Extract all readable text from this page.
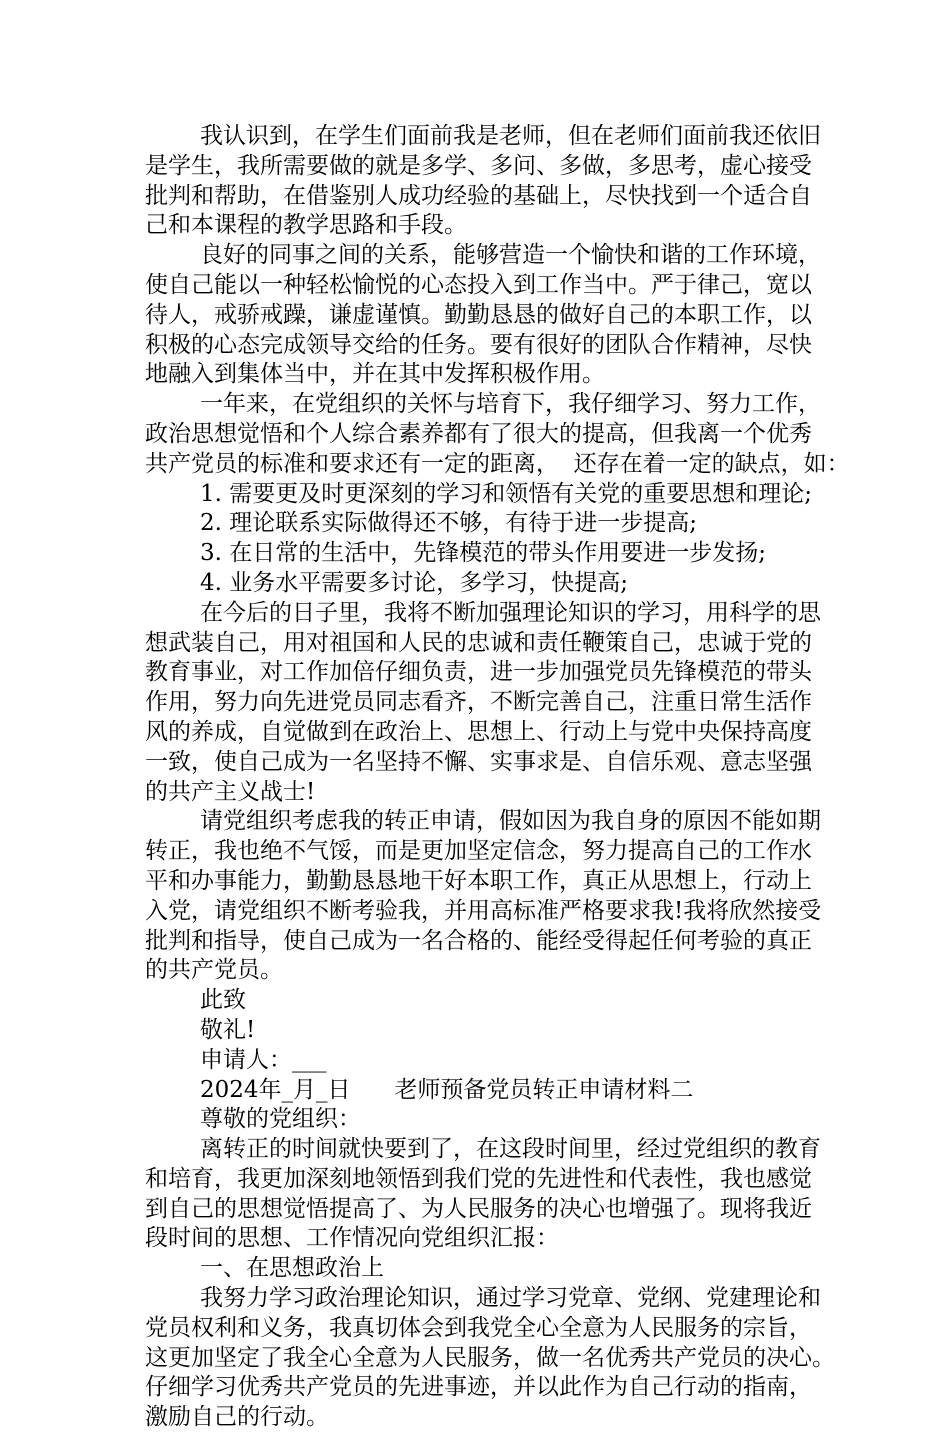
我认识到，在学生们面前我是老师，但在老师们面前我还依旧

是学生，我所需要做的就是多学、多问、多做，多思考，虚心接受

批判和帮助，在借鉴别人成功经验的基础上，尽快找到一个适合自

己和本课程的教学思路和手段。

良好的同事之间的关系，能够营造一个愉快和谐的工作环境，

使自己能以一种轻松愉悦的心态投入到工作当中。严于律己，宽以

待人，戒骄戒躁，谦虚谨慎。勤勤恳恳的做好自己的本职工作，以

积极的心态完成领导交给的任务。要有很好的团队合作精神，尽快

地融入到集体当中，并在其中发挥积极作用。

一年来，在党组织的关怀与培育下，我仔细学习、努力工作，

政治思想觉悟和个人综合素养都有了很大的提高，但我离一个优秀

共产党员的标准和要求还有一定的距离，  还存在着一定的缺点，如：

1. 需要更及时更深刻的学习和领悟有关党的重要思想和理论;

2. 理论联系实际做得还不够，有待于进一步提高;

3. 在日常的生活中，先锋模范的带头作用要进一步发扬;

4. 业务水平需要多讨论，多学习，快提高;

在今后的日子里，我将不断加强理论知识的学习，用科学的思

想武装自己，用对祖国和人民的忠诚和责任鞭策自己，忠诚于党的

教育事业，对工作加倍仔细负责，进一步加强党员先锋模范的带头

作用，努力向先进党员同志看齐，不断完善自己，注重日常生活作

风的养成，自觉做到在政治上、思想上、行动上与党中央保持高度

一致，使自己成为一名坚持不懈、实事求是、自信乐观、意志坚强

的共产主义战士!

请党组织考虑我的转正申请，假如因为我自身的原因不能如期

转正，我也绝不气馁，而是更加坚定信念，努力提高自己的工作水

平和办事能力，勤勤恳恳地干好本职工作，真正从思想上，行动上

入党，请党组织不断考验我，并用高标准严格要求我!我将欣然接受

批判和指导，使自己成为一名合格的、能经受得起任何考验的真正

的共产党员。

此致

敬礼!

申请人：___

2024年_月_日      老师预备党员转正申请材料二

尊敬的党组织：

离转正的时间就快要到了，在这段时间里，经过党组织的教育

和培育，我更加深刻地领悟到我们党的先进性和代表性，我也感觉

到自己的思想觉悟提高了、为人民服务的决心也增强了。现将我近

段时间的思想、工作情况向党组织汇报：

一、在思想政治上

我努力学习政治理论知识，通过学习党章、党纲、党建理论和

党员权利和义务，我真切体会到我党全心全意为人民服务的宗旨，

这更加坚定了我全心全意为人民服务，做一名优秀共产党员的决心。

仔细学习优秀共产党员的先进事迹，并以此作为自己行动的指南，

激励自己的行动。
